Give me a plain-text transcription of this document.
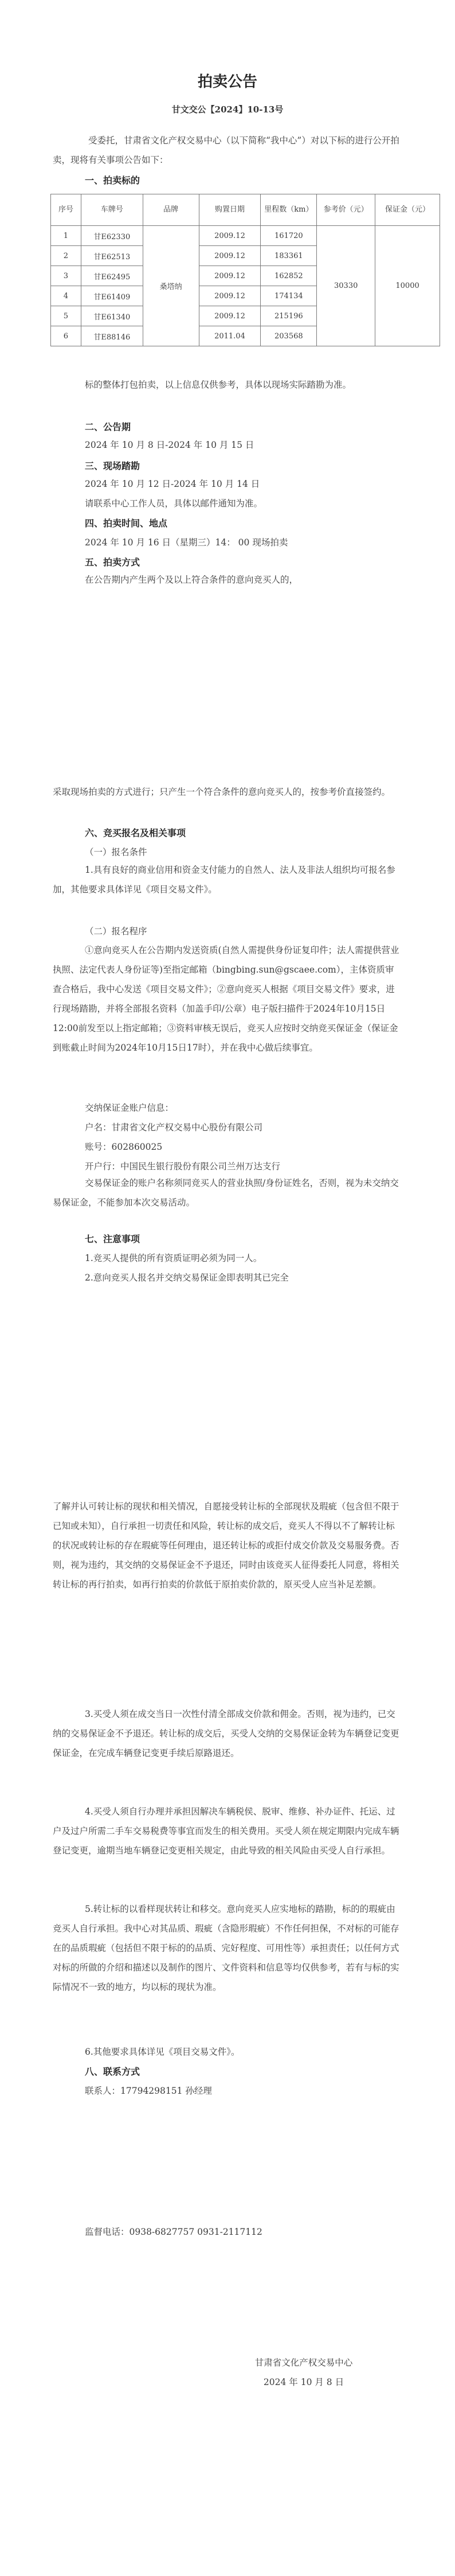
拍卖公告
甘文交公【2024】10-13号

受委托，甘肃省文化产权交易中心（以下简称“我中心”）对以下标的进行公开拍卖，现将有关事项公告如下：

一、拍卖标的

序号	车牌号	品牌	购置日期	里程数（km）	参考价（元）	保证金（元）
1	甘E62330	桑塔纳	2009.12	161720	30330	10000
2	甘E62513		2009.12	183361		
3	甘E62495		2009.12	162852		
4	甘E61409		2009.12	174134		
5	甘E61340		2009.12	215196		
6	甘E88146		2011.04	203568		

标的整体打包拍卖，以上信息仅供参考，具体以现场实际踏勘为准。

二、公告期

2024 年 10 月 8 日-2024 年 10 月 15 日

三、现场踏勘

2024 年 10 月 12 日-2024 年 10 月 14 日

请联系中心工作人员，具体以邮件通知为准。

四、拍卖时间、地点

2024 年 10 月 16 日（星期三）14： 00 现场拍卖

五、拍卖方式

在公告期内产生两个及以上符合条件的意向竞买人的，

采取现场拍卖的方式进行；只产生一个符合条件的意向竞买人的，按参考价直接签约。

六、竞买报名及相关事项

（一）报名条件

1.具有良好的商业信用和资金支付能力的自然人、法人及非法人组织均可报名参加，其他要求具体详见《项目交易文件》。

（二）报名程序

①意向竞买人在公告期内发送资质(自然人需提供身份证复印件；法人需提供营业执照、法定代表人身份证等)至指定邮箱（bingbing.sun@gscaee.com），主体资质审查合格后，我中心发送《项目交易文件》；②意向竞买人根据《项目交易文件》要求，进行现场踏勘，并将全部报名资料（加盖手印/公章）电子版扫描件于2024年10月15日12:00前发至以上指定邮箱；③资料审核无误后，竞买人应按时交纳竞买保证金（保证金到账截止时间为2024年10月15日17时），并在我中心做后续事宜。

交纳保证金账户信息：

户名：甘肃省文化产权交易中心股份有限公司

账号：602860025

开户行：中国民生银行股份有限公司兰州万达支行

交易保证金的账户名称须同竞买人的营业执照/身份证姓名，否则，视为未交纳交易保证金，不能参加本次交易活动。

七、注意事项

1.竞买人提供的所有资质证明必须为同一人。

2.意向竞买人报名并交纳交易保证金即表明其已完全

了解并认可转让标的现状和相关情况，自愿接受转让标的全部现状及瑕疵（包含但不限于已知或未知），自行承担一切责任和风险，转让标的成交后，竞买人不得以不了解转让标的状况或转让标的存在瑕疵等任何理由，退还转让标的或拒付成交价款及交易服务费。否则，视为违约，其交纳的交易保证金不予退还，同时由该竞买人征得委托人同意，将相关转让标的再行拍卖，如再行拍卖的价款低于原拍卖价款的，原买受人应当补足差额。

3.买受人须在成交当日一次性付清全部成交价款和佣金。否则，视为违约，已交纳的交易保证金不予退还。转让标的成交后，买受人交纳的交易保证金转为车辆登记变更保证金，在完成车辆登记变更手续后原路退还。

4.买受人须自行办理并承担因解决车辆税侯、脱审、维修、补办证件、托运、过户及过户所需二手车交易税费等事宜而发生的相关费用。买受人须在规定期限内完成车辆登记变更，逾期当地车辆登记变更相关规定，由此导致的相关风险由买受人自行承担。

5.转让标的以看样现状转让和移交。意向竞买人应实地标的踏勘，标的的瑕疵由竞买人自行承担。我中心对其品质、瑕疵（含隐形瑕疵）不作任何担保，不对标的可能存在的品质瑕疵（包括但不限于标的的品质、完好程度、可用性等）承担责任；以任何方式对标的所做的介绍和描述以及制作的图片、文件资料和信息等均仅供参考，若有与标的实际情况不一致的地方，均以标的现状为准。

6.其他要求具体详见《项目交易文件》。

八、联系方式

联系人：17794298151 孙经理

监督电话：0938-6827757 0931-2117112

甘肃省文化产权交易中心

2024 年 10 月 8 日
